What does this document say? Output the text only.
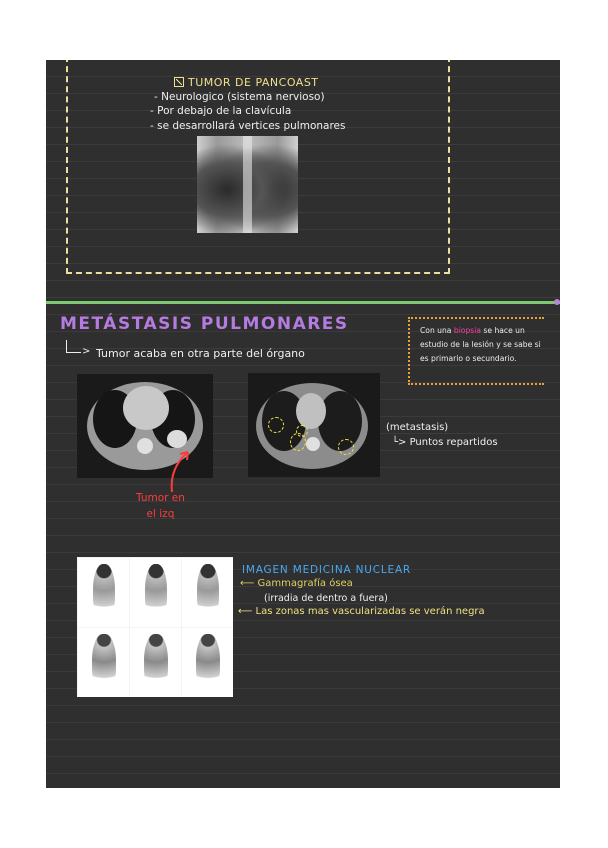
TUMOR DE PANCOAST
- Neurologico (sistema nervioso)
- Por debajo de la clavícula
- se desarrollará vertices pulmonares
METÁSTASIS PULMONARES
> Tumor acaba en otra parte del órgano
Con una biopsia se hace un estudio de la lesión y se sabe si es primario o secundario.
Tumor en
el izq
(metastasis)
└> Puntos repartidos
IMAGEN MEDICINA NUCLEAR
⟵ Gammagrafía ósea
(irradia de dentro a fuera)
⟵ Las zonas mas vascularizadas se verán negra
